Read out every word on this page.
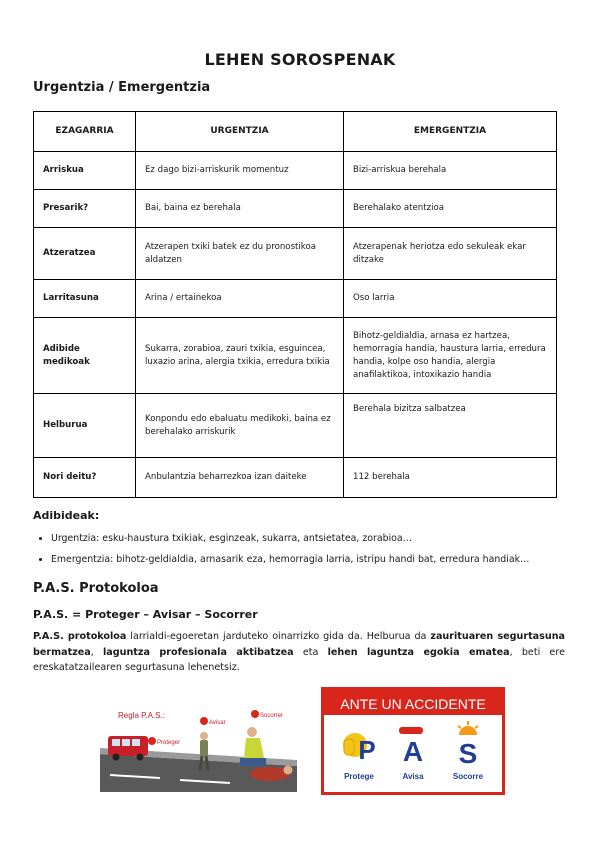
LEHEN SOROSPENAK
Urgentzia / Emergentzia
EZAGARRIA	URGENTZIA	EMERGENTZIA
Arriskua	Ez dago bizi-arriskurik momentuz	Bizi-arriskua berehala
Presarik?	Bai, baina ez berehala	Berehalako atentzioa
Atzeratzea	Atzerapen txiki batek ez du pronostikoa aldatzen	Atzerapenak heriotza edo sekuleak ekar ditzake
Larritasuna	Arina / ertainekoa	Oso larria
Adibide medikoak	Sukarra, zorabioa, zauri txikia, esguincea, luxazio arina, alergia txikia, erredura txikia	Bihotz-geldialdia, arnasa ez hartzea, hemorragia handia, haustura larria, erredura handia, kolpe oso handia, alergia anafilaktikoa, intoxikazio handia
Helburua	Konpondu edo ebaluatu medikoki, baina ez berehalako arriskurik	Berehala bizitza salbatzea
Nori deitu?	Anbulantzia beharrezkoa izan daiteke	112 berehala
Adibideak:
• Urgentzia: esku-haustura txikiak, esginzeak, sukarra, antsietatea, zorabioa…
• Emergentzia: bihotz-geldialdia, arnasarik eza, hemorragia larria, istripu handi bat, erredura handiak…
P.A.S. Protokoloa
P.A.S. = Proteger – Avisar – Socorrer

P.A.S. protokoloa larrialdi-egoeretan jarduteko oinarrizko gida da. Helburua da zaurituaren segurtasuna bermatzea, laguntza profesionala aktibatzea eta lehen laguntza egokia ematea, beti ere ereskatatzailearen segurtasuna lehenetsiz.

Regla P.A.S.:
Proteger
Avisar
Socorrer
ANTE UN ACCIDENTE
P
Protege
A
Avisa
S
Socorre
